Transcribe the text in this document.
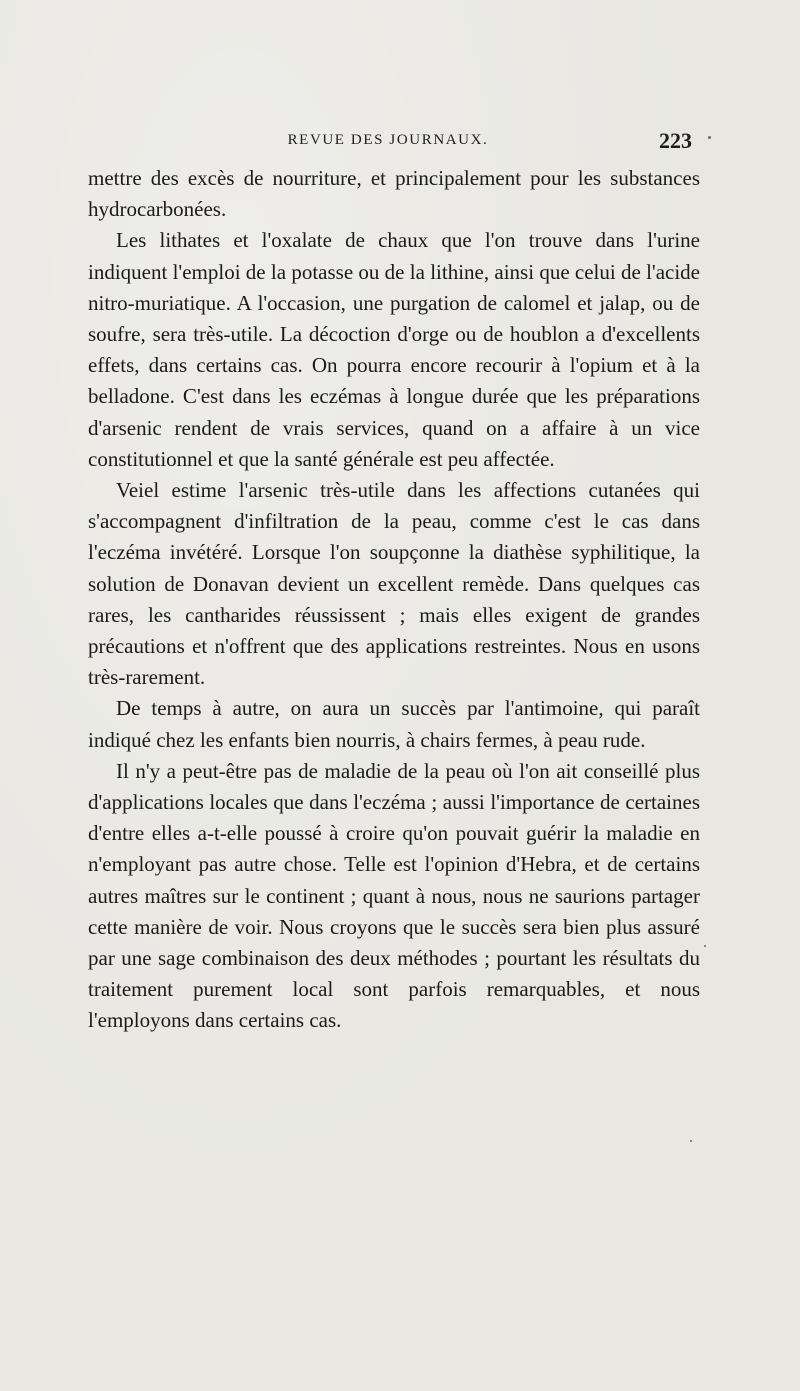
REVUE DES JOURNAUX.	223

mettre des excès de nourriture, et principalement pour les substances hydrocarbonées.

Les lithates et l'oxalate de chaux que l'on trouve dans l'urine indiquent l'emploi de la potasse ou de la lithine, ainsi que celui de l'acide nitro-muriatique. A l'occasion, une purgation de calomel et jalap, ou de soufre, sera très-utile. La décoction d'orge ou de houblon a d'excellents effets, dans certains cas. On pourra encore recourir à l'opium et à la belladone. C'est dans les eczémas à longue durée que les préparations d'arsenic rendent de vrais services, quand on a affaire à un vice constitutionnel et que la santé générale est peu affectée.

Veiel estime l'arsenic très-utile dans les affections cutanées qui s'accompagnent d'infiltration de la peau, comme c'est le cas dans l'eczéma invétéré. Lorsque l'on soupçonne la diathèse syphilitique, la solution de Donavan devient un excellent remède. Dans quelques cas rares, les cantharides réussissent ; mais elles exigent de grandes précautions et n'offrent que des applications restreintes. Nous en usons très-rarement.

De temps à autre, on aura un succès par l'antimoine, qui paraît indiqué chez les enfants bien nourris, à chairs fermes, à peau rude.

Il n'y a peut-être pas de maladie de la peau où l'on ait conseillé plus d'applications locales que dans l'eczéma ; aussi l'importance de certaines d'entre elles a-t-elle poussé à croire qu'on pouvait guérir la maladie en n'employant pas autre chose. Telle est l'opinion d'Hebra, et de certains autres maîtres sur le continent ; quant à nous, nous ne saurions partager cette manière de voir. Nous croyons que le succès sera bien plus assuré par une sage combinaison des deux méthodes ; pourtant les résultats du traitement purement local sont parfois remarquables, et nous l'employons dans certains cas.
